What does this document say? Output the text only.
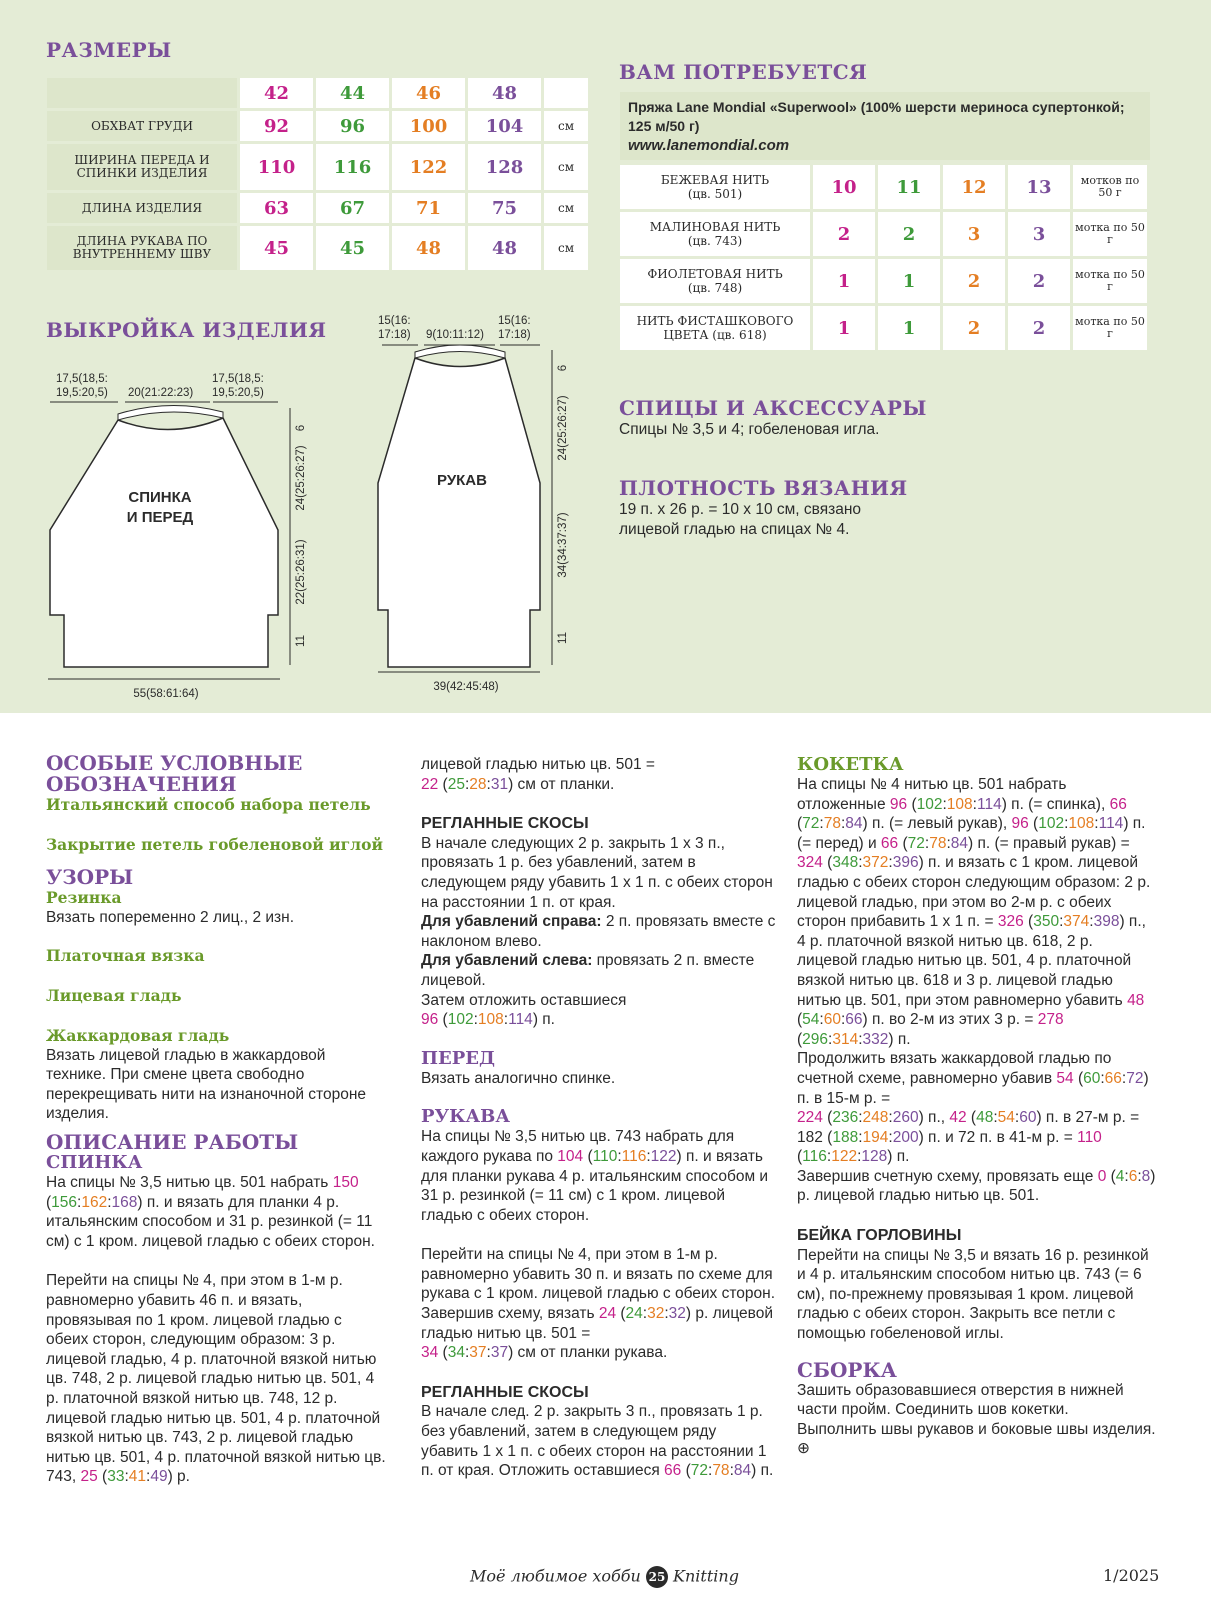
РАЗМЕРЫ
	42	44	46	48	
ОБХВАТ ГРУДИ	92	96	100	104	см
ШИРИНА ПЕРЕДА И СПИНКИ ИЗДЕЛИЯ	110	116	122	128	см
ДЛИНА ИЗДЕЛИЯ	63	67	71	75	см
ДЛИНА РУКАВА ПО ВНУТРЕННЕМУ ШВУ	45	45	48	48	см
ВАМ ПОТРЕБУЕТСЯ
Пряжа Lane Mondial «Superwool» (100% шерсти мериноса супертонкой; 125 м/50 г)
www.lanemondial.com
БЕЖЕВАЯ НИТЬ
(цв. 501)	10	11	12	13	мотков по 50 г

МАЛИНОВАЯ НИТЬ
(цв. 743)	2	2	3	3	мотка по 50 г

ФИОЛЕТОВАЯ НИТЬ
(цв. 748)	1	1	2	2	мотка по 50 г

НИТЬ ФИСТАШКОВОГО
ЦВЕТА (цв. 618)	1	1	2	2	мотка по 50 г
СПИЦЫ И АКСЕССУАРЫ
Спицы № 3,5 и 4; гобеленовая игла.
ПЛОТНОСТЬ ВЯЗАНИЯ
19 п. х 26 р. = 10 х 10 см, связано
лицевой гладью на спицах № 4.
ВЫКРОЙКА ИЗДЕЛИЯ
СПИНКА
И ПЕРЕД
17,5(18,5:
19,5:20,5) 20(21:22:23)
17,5(18,5:
19,5:20,5)
6
24(25:26:27)
22(25:26:31)
11
55(58:61:64)
РУКАВ
15(16:
17:18) 9(10:11:12)
15(16:
17:18)
6
24(25:26:27)
34(34:37:37)
11
39(42:45:48)
ОСОБЫЕ УСЛОВНЫЕ
ОБОЗНАЧЕНИЯ
Итальянский способ набора петель
Закрытие петель гобеленовой иглой
УЗОРЫ
Резинка

Вязать попеременно 2 лиц., 2 изн.

Платочная вязка
Лицевая гладь
Жаккардовая гладь

Вязать лицевой гладью в жаккардовой технике. При смене цвета свободно перекрещивать нити на изнаночной стороне изделия.

ОПИСАНИЕ РАБОТЫ
СПИНКА

На спицы № 3,5 нитью цв. 501 набрать 150 (156:162:168) п. и вязать для планки 4 р. итальянским способом и 31 р. резинкой (= 11 см) с 1 кром. лицевой гладью с обеих сторон.

Перейти на спицы № 4, при этом в 1-м р. равномерно убавить 46 п. и вязать, провязывая по 1 кром. лицевой гладью с обеих сторон, следующим образом: 3 р. лицевой гладью, 4 р. платочной вязкой нитью цв. 748, 2 р. лицевой гладью нитью цв. 501, 4 р. платочной вязкой нитью цв. 748, 12 р. лицевой гладью нитью цв. 501, 4 р. платочной вязкой нитью цв. 743, 2 р. лицевой гладью нитью цв. 501, 4 р. платочной вязкой нитью цв. 743, 25 (33:41:49) р.

лицевой гладью нитью цв. 501 =
22 (25:28:31) см от планки.

РЕГЛАННЫЕ СКОСЫ

В начале следующих 2 р. закрыть 1 х 3 п., провязать 1 р. без убавлений, затем в следующем ряду убавить 1 х 1 п. с обеих сторон на расстоянии 1 п. от края.
Для убавлений справа: 2 п. провязать вместе с наклоном влево.
Для убавлений слева: провязать 2 п. вместе лицевой.
Затем отложить оставшиеся
96 (102:108:114) п.

ПЕРЕД

Вязать аналогично спинке.

РУКАВА

На спицы № 3,5 нитью цв. 743 набрать для каждого рукава по 104 (110:116:122) п. и вязать для планки рукава 4 р. итальянским способом и 31 р. резинкой (= 11 см) с 1 кром. лицевой гладью с обеих сторон.

Перейти на спицы № 4, при этом в 1-м р. равномерно убавить 30 п. и вязать по схеме для рукава с 1 кром. лицевой гладью с обеих сторон.
Завершив схему, вязать 24 (24:32:32) р. лицевой гладью нитью цв. 501 =
34 (34:37:37) см от планки рукава.

РЕГЛАННЫЕ СКОСЫ

В начале след. 2 р. закрыть 3 п., провязать 1 р. без убавлений, затем в следующем ряду убавить 1 х 1 п. с обеих сторон на расстоянии 1 п. от края. Отложить оставшиеся 66 (72:78:84) п.

КОКЕТКА

На спицы № 4 нитью цв. 501 набрать отложенные 96 (102:108:114) п. (= спинка), 66 (72:78:84) п. (= левый рукав), 96 (102:108:114) п. (= перед) и 66 (72:78:84) п. (= правый рукав) = 324 (348:372:396) п. и вязать с 1 кром. лицевой гладью с обеих сторон следующим образом: 2 р. лицевой гладью, при этом во 2-м р. с обеих сторон прибавить 1 х 1 п. = 326 (350:374:398) п., 4 р. платочной вязкой нитью цв. 618, 2 р. лицевой гладью нитью цв. 501, 4 р. платочной вязкой нитью цв. 618 и 3 р. лицевой гладью нитью цв. 501, при этом равномерно убавить 48 (54:60:66) п. во 2-м из этих 3 р. = 278 (296:314:332) п.
Продолжить вязать жаккардовой гладью по счетной схеме, равномерно убавив 54 (60:66:72) п. в 15-м р. =
224 (236:248:260) п., 42 (48:54:60) п. в 27-м р. = 182 (188:194:200) п. и 72 п. в 41-м р. = 110 (116:122:128) п.
Завершив счетную схему, провязать еще 0 (4:6:8) р. лицевой гладью нитью цв. 501.

БЕЙКА ГОРЛОВИНЫ

Перейти на спицы № 3,5 и вязать 16 р. резинкой и 4 р. итальянским способом нитью цв. 743 (= 6 см), по-прежнему провязывая 1 кром. лицевой гладью с обеих сторон. Закрыть все петли с помощью гобеленовой иглы.

СБОРКА

Зашить образовавшиеся отверстия в нижней части пройм. Соединить шов кокетки.
Выполнить швы рукавов и боковые швы изделия. ⊕

Моё любимое хобби 25 Knitting	1/2025
